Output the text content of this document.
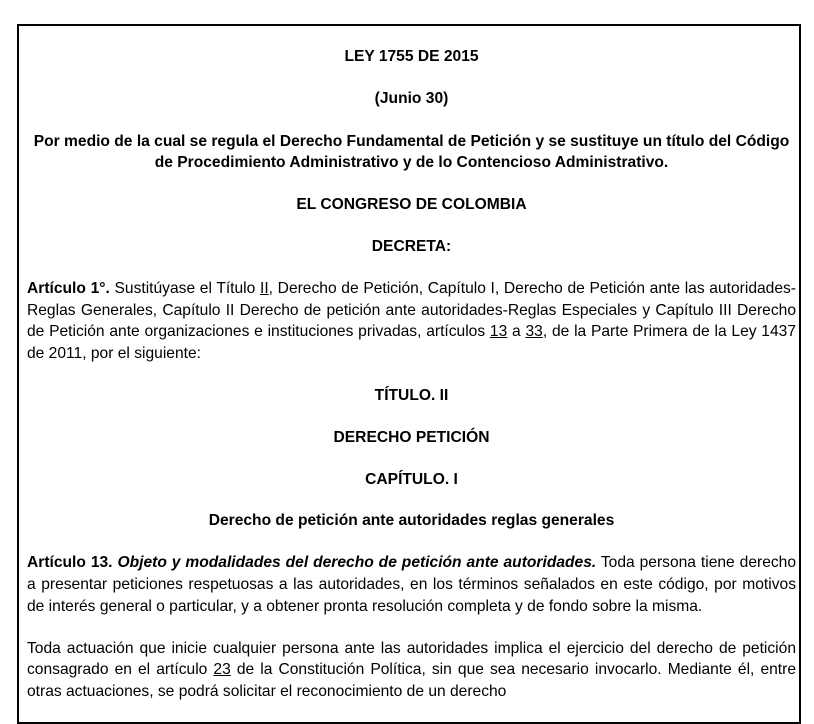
LEY 1755 DE 2015

(Junio 30)

Por medio de la cual se regula el Derecho Fundamental de Petición y se sustituye un título del Código de Procedimiento Administrativo y de lo Contencioso Administrativo.

EL CONGRESO DE COLOMBIA

DECRETA:

Artículo 1°. Sustitúyase el Título II, Derecho de Petición, Capítulo I, Derecho de Petición ante las autoridades-Reglas Generales, Capítulo II Derecho de petición ante autoridades-Reglas Especiales y Capítulo III Derecho de Petición ante organizaciones e instituciones privadas, artículos 13 a 33, de la Parte Primera de la Ley 1437 de 2011, por el siguiente:

TÍTULO. II

DERECHO PETICIÓN

CAPÍTULO. I

Derecho de petición ante autoridades reglas generales

Artículo 13. Objeto y modalidades del derecho de petición ante autoridades. Toda persona tiene derecho a presentar peticiones respetuosas a las autoridades, en los términos señalados en este código, por motivos de interés general o particular, y a obtener pronta resolución completa y de fondo sobre la misma.

Toda actuación que inicie cualquier persona ante las autoridades implica el ejercicio del derecho de petición consagrado en el artículo 23 de la Constitución Política, sin que sea necesario invocarlo. Mediante él, entre otras actuaciones, se podrá solicitar el reconocimiento de un derecho
